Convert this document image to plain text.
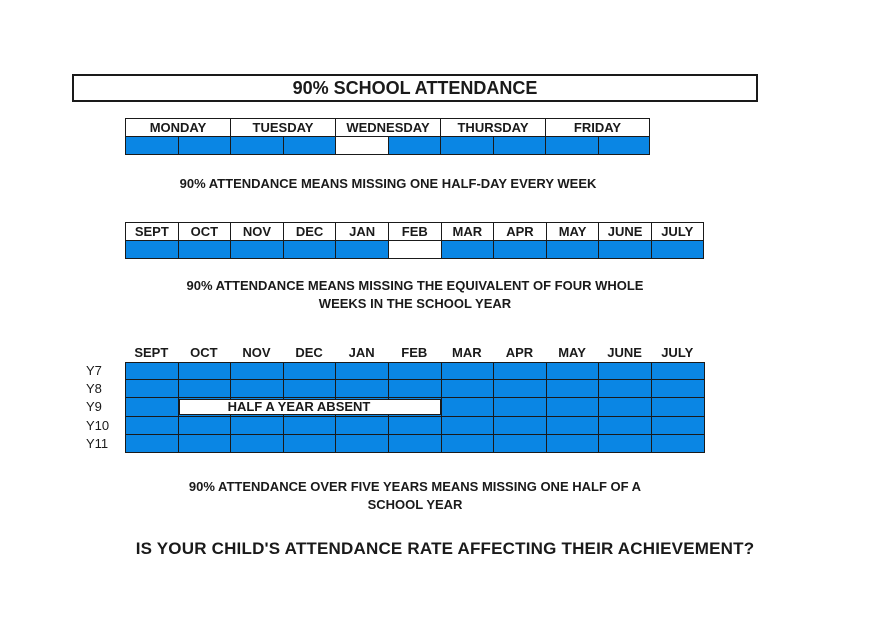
90% SCHOOL ATTENDANCE
MONDAY	TUESDAY	WEDNESDAY	THURSDAY	FRIDAY
90% ATTENDANCE MEANS MISSING ONE HALF-DAY EVERY WEEK
SEPT	OCT	NOV	DEC	JAN	FEB	MAR	APR	MAY	JUNE	JULY
90% ATTENDANCE MEANS MISSING THE EQUIVALENT OF FOUR WHOLE
WEEKS IN THE SCHOOL YEAR
SEPT	OCT	NOV	DEC	JAN	FEB	MAR	APR	MAY	JUNE	JULY
Y7
Y8
Y9	HALF A YEAR ABSENT
Y10
Y11
90% ATTENDANCE OVER FIVE YEARS MEANS MISSING ONE HALF OF A
SCHOOL YEAR
IS YOUR CHILD'S ATTENDANCE RATE AFFECTING THEIR ACHIEVEMENT?
